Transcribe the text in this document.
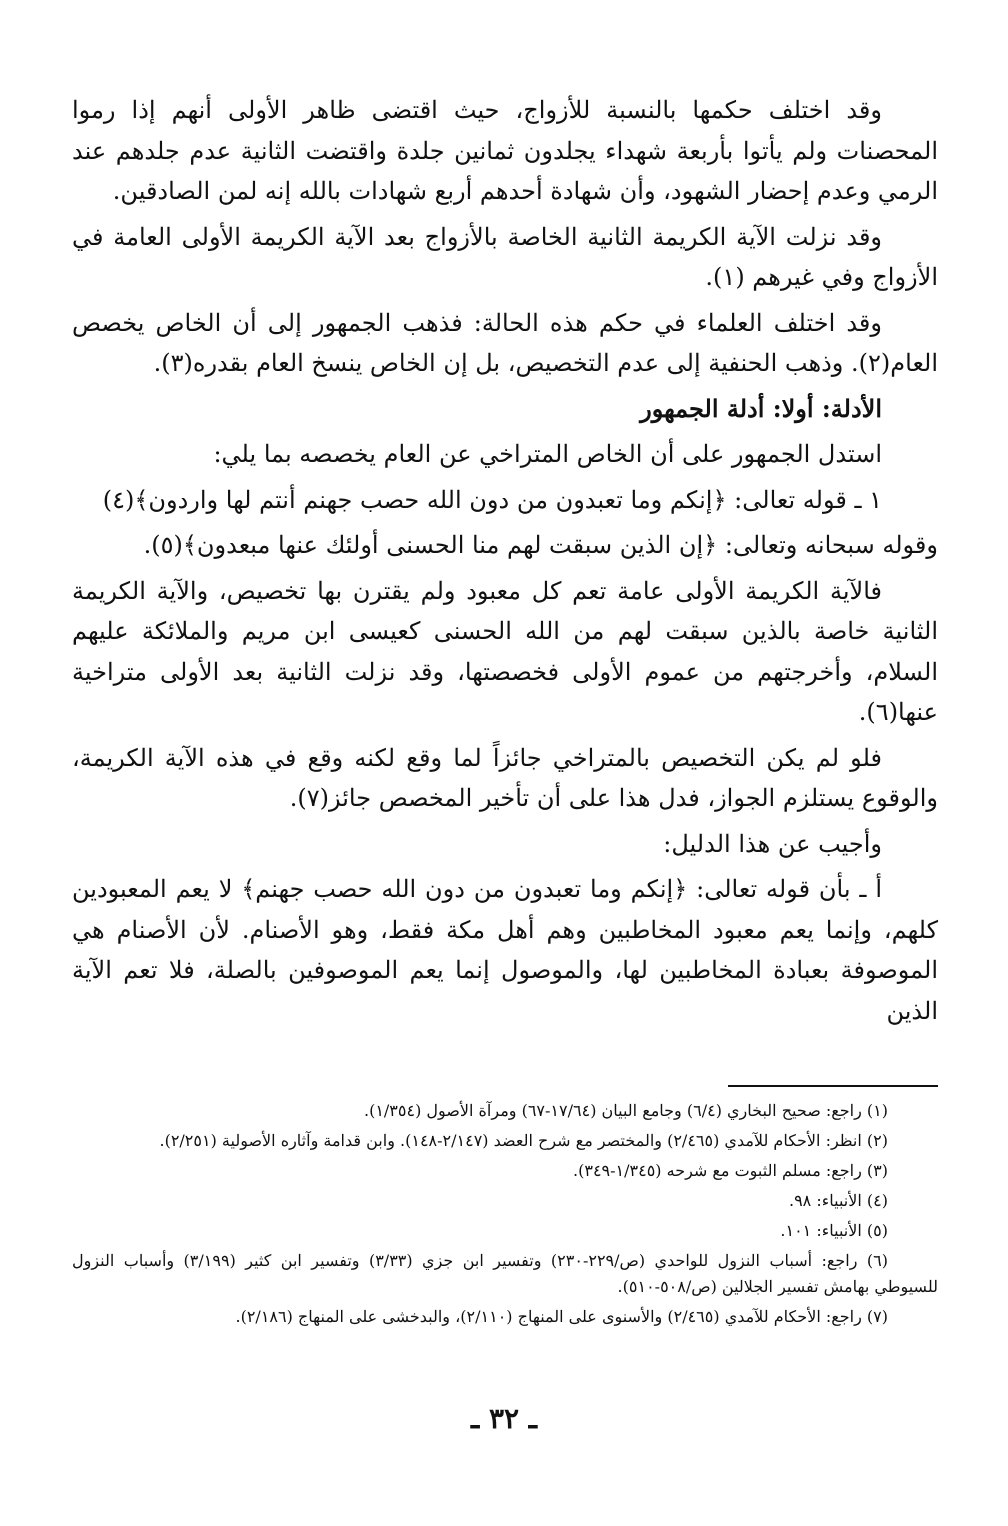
وقد اختلف حكمها بالنسبة للأزواج، حيث اقتضى ظاهر الأولى أنهم إذا رموا المحصنات ولم يأتوا بأربعة شهداء يجلدون ثمانين جلدة واقتضت الثانية عدم جلدهم عند الرمي وعدم إحضار الشهود، وأن شهادة أحدهم أربع شهادات بالله إنه لمن الصادقين.

وقد نزلت الآية الكريمة الثانية الخاصة بالأزواج بعد الآية الكريمة الأولى العامة في الأزواج وفي غيرهم (١).

وقد اختلف العلماء في حكم هذه الحالة: فذهب الجمهور إلى أن الخاص يخصص العام(٢). وذهب الحنفية إلى عدم التخصيص، بل إن الخاص ينسخ العام بقدره(٣).

الأدلة: أولا: أدلة الجمهور

استدل الجمهور على أن الخاص المتراخي عن العام يخصصه بما يلي:

١ ـ قوله تعالى: ﴿إنكم وما تعبدون من دون الله حصب جهنم أنتم لها واردون﴾(٤)

وقوله سبحانه وتعالى: ﴿إن الذين سبقت لهم منا الحسنى أولئك عنها مبعدون﴾(٥).

فالآية الكريمة الأولى عامة تعم كل معبود ولم يقترن بها تخصيص، والآية الكريمة الثانية خاصة بالذين سبقت لهم من الله الحسنى كعيسى ابن مريم والملائكة عليهم السلام، وأخرجتهم من عموم الأولى فخصصتها، وقد نزلت الثانية بعد الأولى متراخية عنها(٦).

فلو لم يكن التخصيص بالمتراخي جائزاً لما وقع لكنه وقع في هذه الآية الكريمة، والوقوع يستلزم الجواز، فدل هذا على أن تأخير المخصص جائز(٧).

وأجيب عن هذا الدليل:

أ ـ بأن قوله تعالى: ﴿إنكم وما تعبدون من دون الله حصب جهنم﴾ لا يعم المعبودين كلهم، وإنما يعم معبود المخاطبين وهم أهل مكة فقط، وهو الأصنام. لأن الأصنام هي الموصوفة بعبادة المخاطبين لها، والموصول إنما يعم الموصوفين بالصلة، فلا تعم الآية الذين

(١) راجع: صحيح البخاري (٦/٤) وجامع البيان (١٧/٦٤-٦٧) ومرآة الأصول (١/٣٥٤).

(٢) انظر: الأحكام للآمدي (٢/٤٦٥) والمختصر مع شرح العضد (٢/١٤٧-١٤٨). وابن قدامة وآثاره الأصولية (٢/٢٥١).

(٣) راجع: مسلم الثبوت مع شرحه (١/٣٤٥-٣٤٩).

(٤) الأنبياء: ٩٨.

(٥) الأنبياء: ١٠١.

(٦) راجع: أسباب النزول للواحدي (ص/٢٢٩-٢٣٠) وتفسير ابن جزي (٣/٣٣) وتفسير ابن كثير (٣/١٩٩) وأسباب النزول للسيوطي بهامش تفسير الجلالين (ص/٥٠٨-٥١٠).

(٧) راجع: الأحكام للآمدي (٢/٤٦٥) والأسنوى على المنهاج (٢/١١٠)، والبدخشى على المنهاج (٢/١٨٦).

ـ ٣٢ ـ
